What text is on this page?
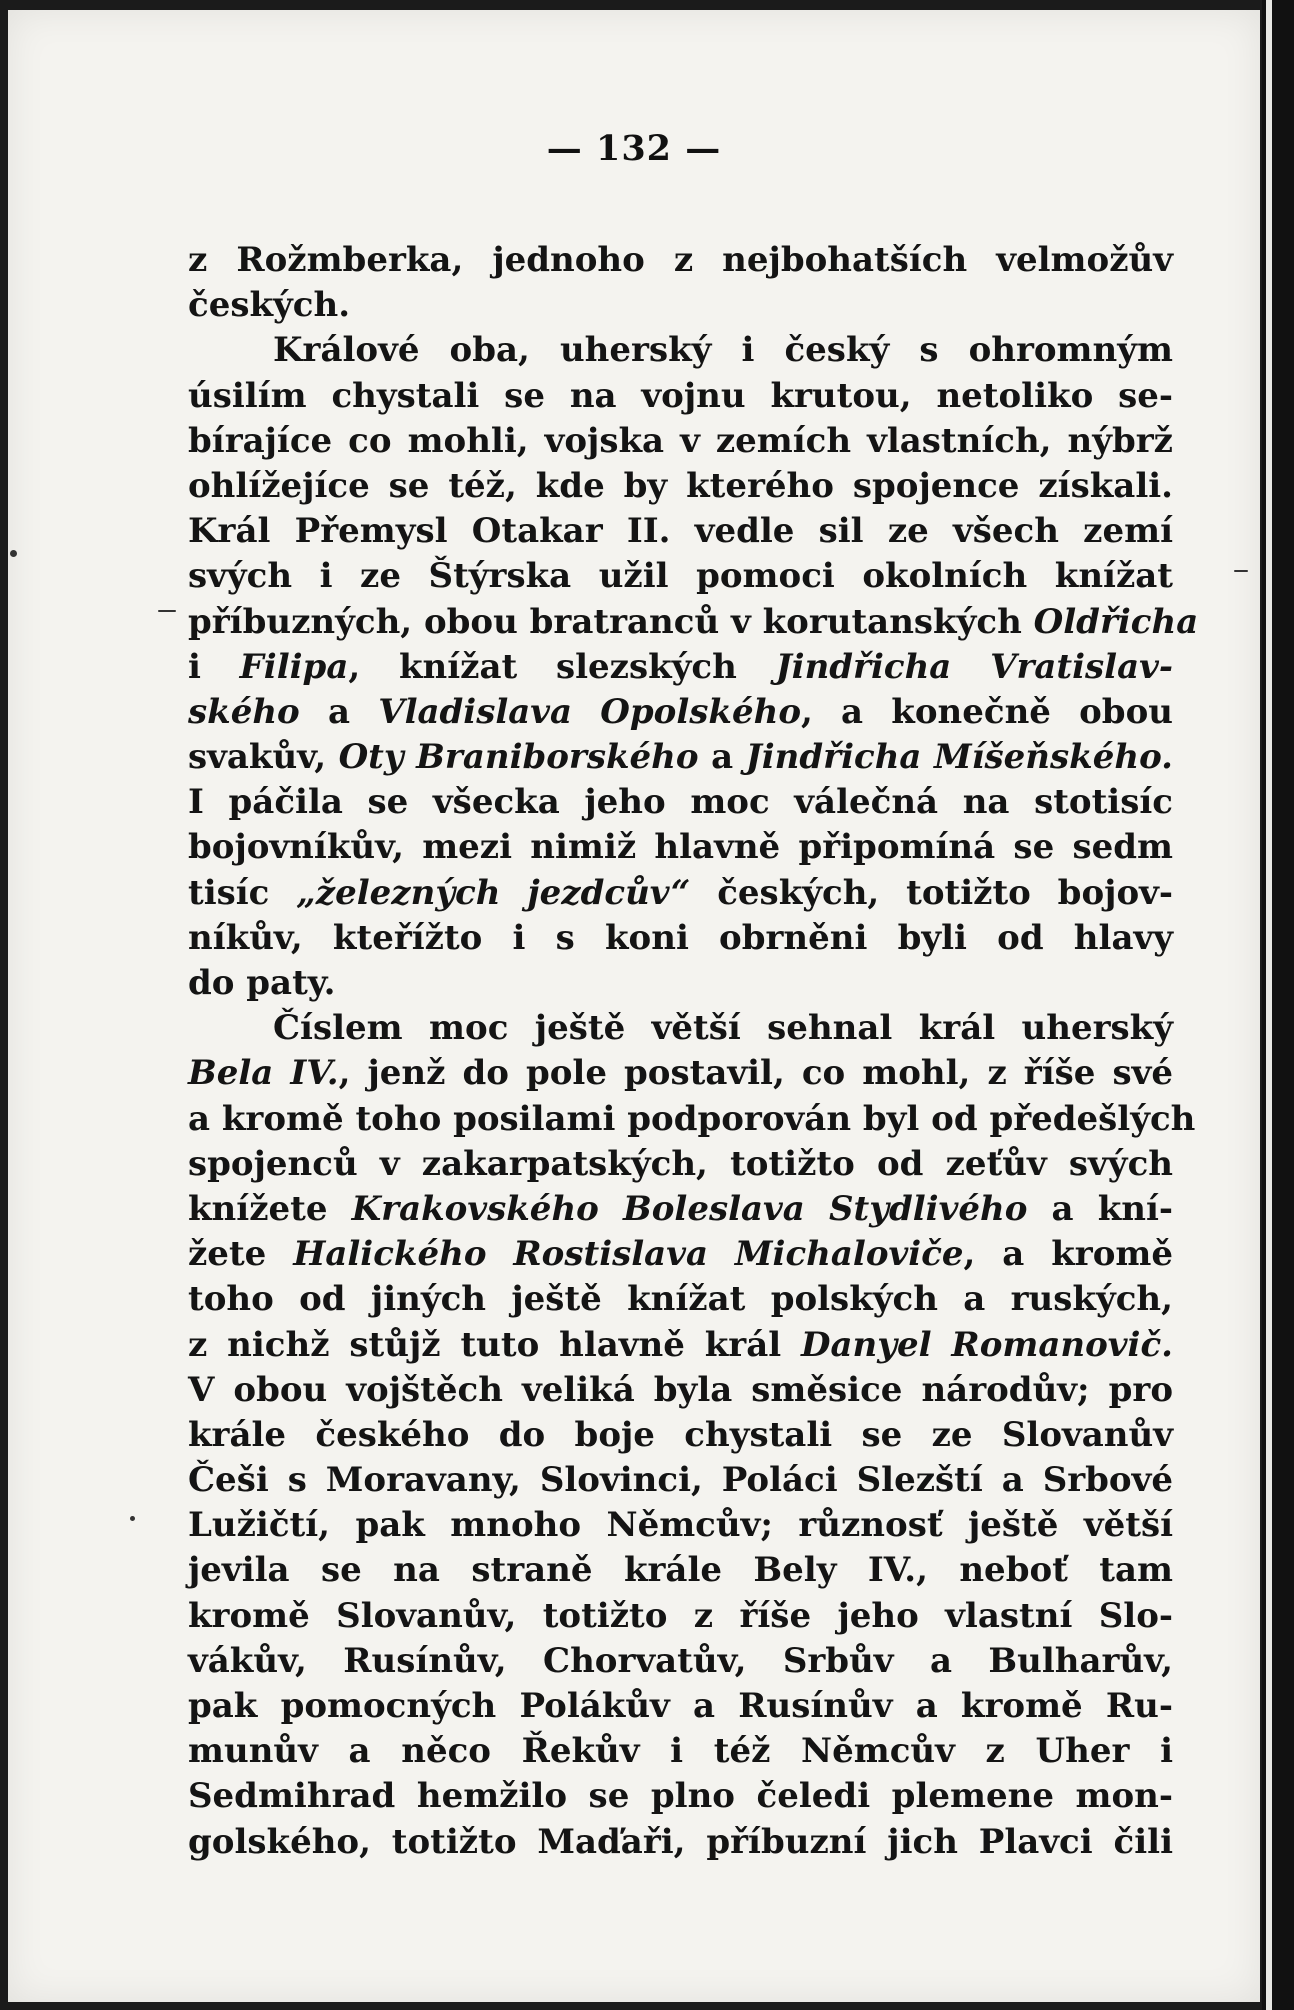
— 132 —
z Rožmberka, jednoho z nejbohatších velmožův
českých.
Králové oba, uherský i český s ohromným
úsilím chystali se na vojnu krutou, netoliko se-
bírajíce co mohli, vojska v zemích vlastních, nýbrž
ohlížejíce se též, kde by kterého spojence získali.
Král Přemysl Otakar II. vedle sil ze všech zemí
svých i ze Štýrska užil pomoci okolních knížat
příbuzných, obou bratranců v korutanských Oldřicha
i Filipa, knížat slezských Jindřicha Vratislav-
ského a Vladislava Opolského, a konečně obou
svakův, Oty Braniborského a Jindřicha Míšeňského.
I páčila se všecka jeho moc válečná na stotisíc
bojovníkův, mezi nimiž hlavně připomíná se sedm
tisíc „železných jezdcův“ českých, totižto bojov-
níkův, kteřížto i s koni obrněni byli od hlavy
do paty.
Číslem moc ještě větší sehnal král uherský
Bela IV., jenž do pole postavil, co mohl, z říše své
a kromě toho posilami podporován byl od předešlých
spojenců v zakarpatských, totižto od zeťův svých
knížete Krakovského Boleslava Stydlivého a kní-
žete Halického Rostislava Michaloviče, a kromě
toho od jiných ještě knížat polských a ruských,
z nichž stůjž tuto hlavně král Danyel Romanovič.
V obou vojštěch veliká byla směsice národův; pro
krále českého do boje chystali se ze Slovanův
Češi s Moravany, Slovinci, Poláci Slezští a Srbové
Lužičtí, pak mnoho Němcův; různosť ještě větší
jevila se na straně krále Bely IV., neboť tam
kromě Slovanův, totižto z říše jeho vlastní Slo-
vákův, Rusínův, Chorvatův, Srbův a Bulharův,
pak pomocných Polákův a Rusínův a kromě Ru-
munův a něco Řekův i též Němcův z Uher i
Sedmihrad hemžilo se plno čeledi plemene mon-
golského, totižto Maďaři, příbuzní jich Plavci čili
